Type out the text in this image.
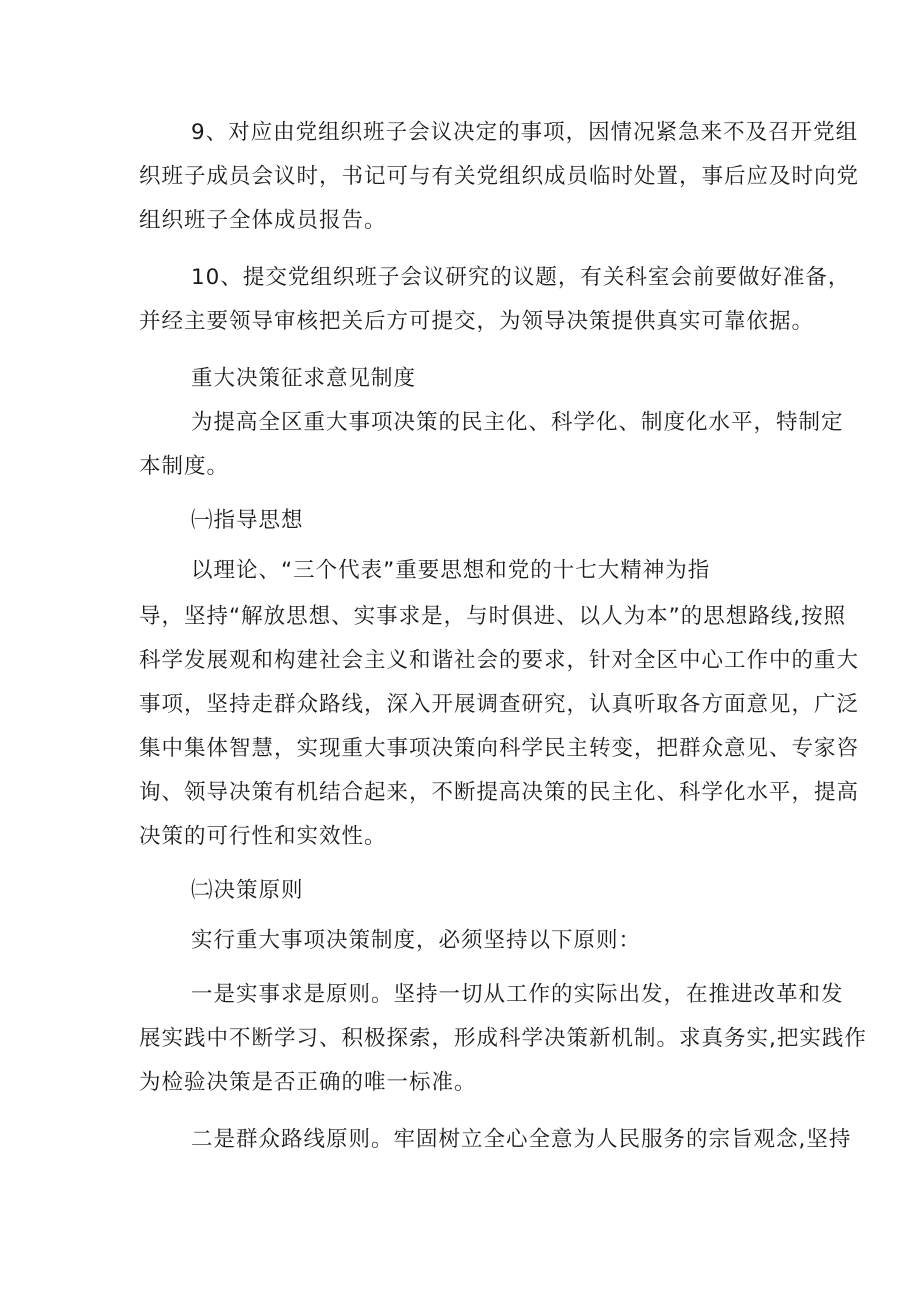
9、对应由党组织班子会议决定的事项，因情况紧急来不及召开党组
织班子成员会议时，书记可与有关党组织成员临时处置，事后应及时向党
组织班子全体成员报告。
10、提交党组织班子会议研究的议题，有关科室会前要做好准备，
并经主要领导审核把关后方可提交，为领导决策提供真实可靠依据。
重大决策征求意见制度
为提高全区重大事项决策的民主化、科学化、制度化水平，特制定
本制度。
㈠指导思想
以理论、“三个代表”重要思想和党的十七大精神为指
导，坚持“解放思想、实事求是，与时俱进、以人为本”的思想路线,按照
科学发展观和构建社会主义和谐社会的要求，针对全区中心工作中的重大
事项，坚持走群众路线，深入开展调查研究，认真听取各方面意见，广泛
集中集体智慧，实现重大事项决策向科学民主转变，把群众意见、专家咨
询、领导决策有机结合起来，不断提高决策的民主化、科学化水平，提高
决策的可行性和实效性。
㈡决策原则
实行重大事项决策制度，必须坚持以下原则：
一是实事求是原则。坚持一切从工作的实际出发，在推进改革和发
展实践中不断学习、积极探索，形成科学决策新机制。求真务实,把实践作
为检验决策是否正确的唯一标准。
二是群众路线原则。牢固树立全心全意为人民服务的宗旨观念,坚持
